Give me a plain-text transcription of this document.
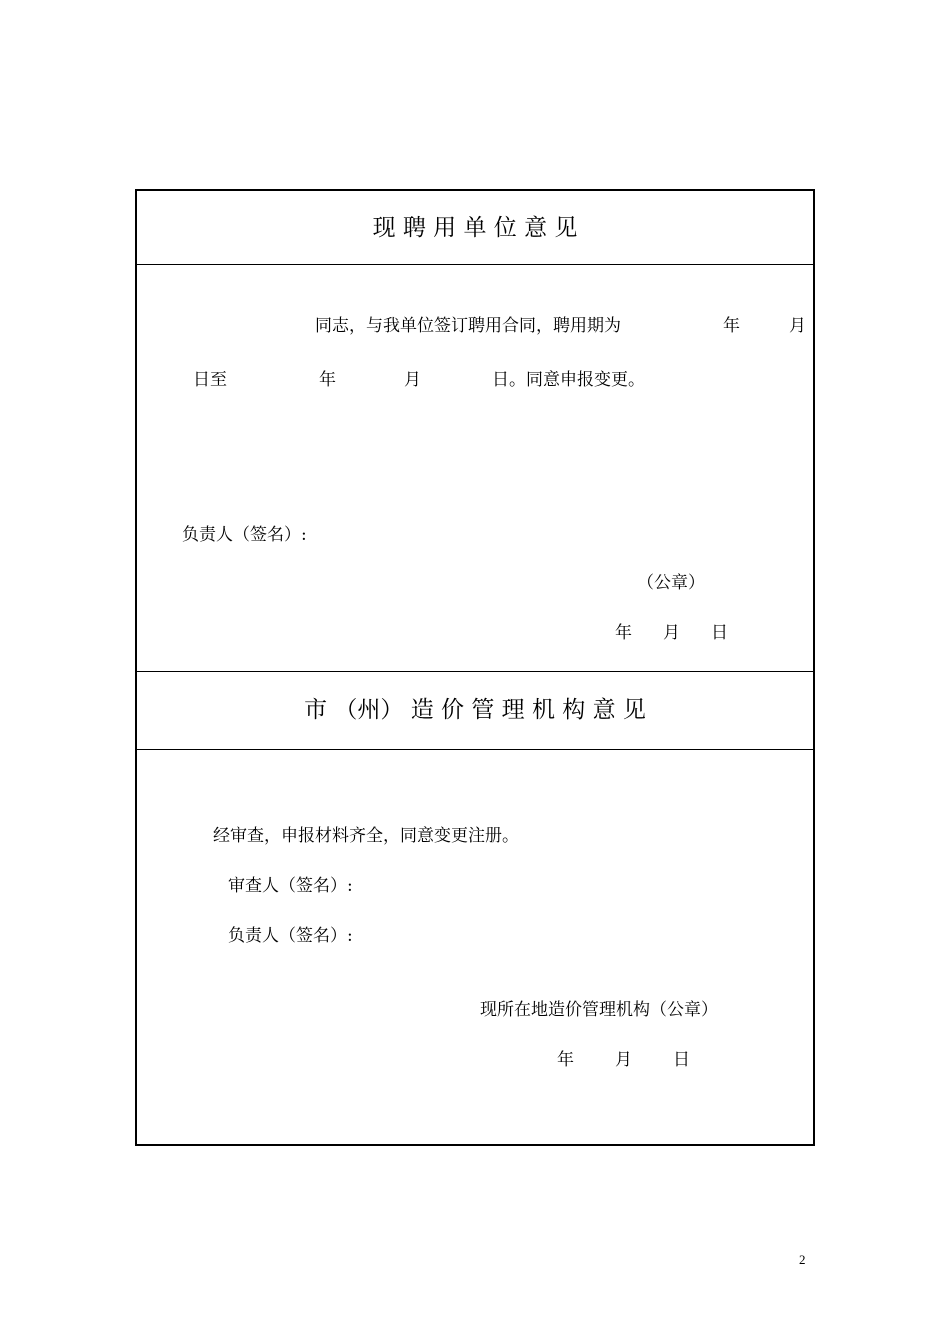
现 聘 用 单 位 意 见
同志，与我单位签订聘用合同，聘用期为	年	月
日至	年	月	日。同意申报变更。
负责人（签名）:
（公章）
年 月 日
市 （州） 造 价 管 理 机 构 意 见
经审查，申报材料齐全，同意变更注册。
审查人（签名）:
负责人（签名）:
现所在地造价管理机构（公章）
年 月 日
2
